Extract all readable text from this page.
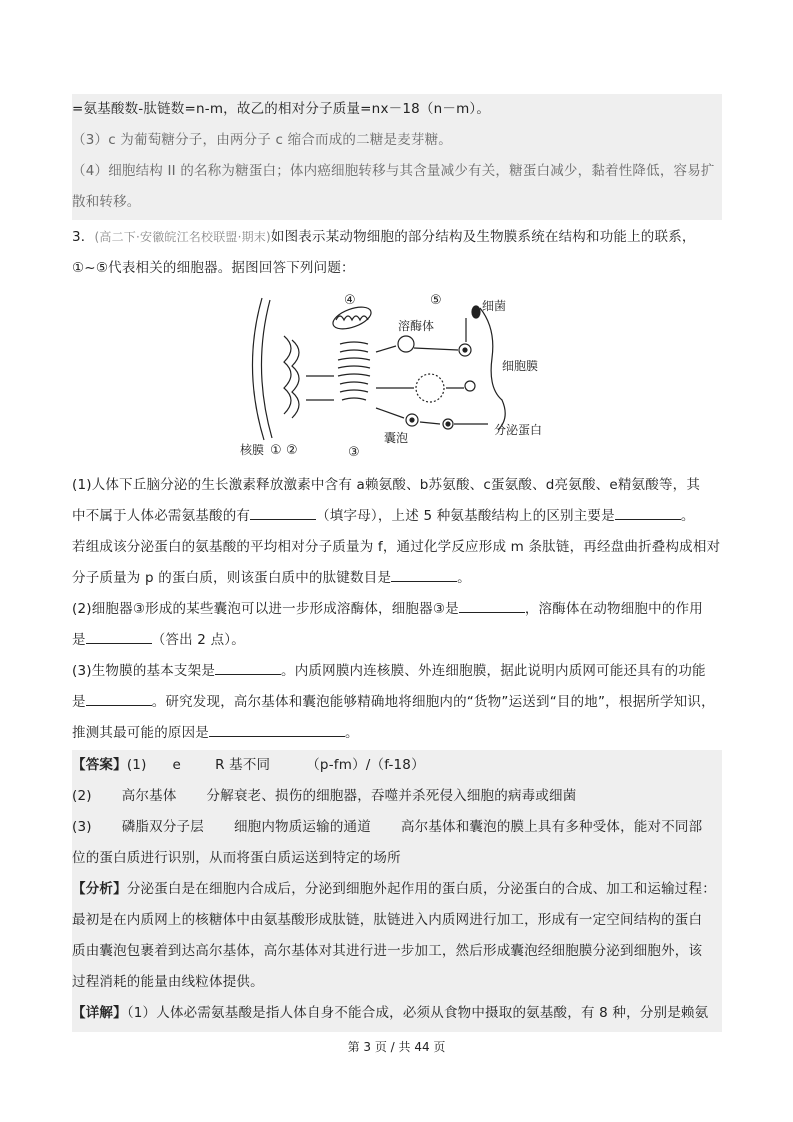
=氨基酸数-肽链数=n-m，故乙的相对分子质量=nx－18（n－m）。
（3）c 为葡萄糖分子，由两分子 c 缩合而成的二糖是麦芽糖。
（4）细胞结构 II 的名称为糖蛋白；体内癌细胞转移与其含量减少有关，糖蛋白减少，黏着性降低，容易扩
散和转移。
3．(高二下·安徽皖江名校联盟·期末)如图表示某动物细胞的部分结构及生物膜系统在结构和功能上的联系，
①~⑤代表相关的细胞器。据图回答下列问题：
④	⑤	细菌
溶酶体
细胞膜
核膜 ① ②	③
囊泡
分泌蛋白
(1)人体下丘脑分泌的生长激素释放激素中含有 a赖氨酸、b苏氨酸、c蛋氨酸、d亮氨酸、e精氨酸等，其
中不属于人体必需氨基酸的有	（填字母），上述 5 种氨基酸结构上的区别主要是	。
若组成该分泌蛋白的氨基酸的平均相对分子质量为 f，通过化学反应形成 m 条肽链，再经盘曲折叠构成相对
分子质量为 p 的蛋白质，则该蛋白质中的肽键数目是	。
(2)细胞器③形成的某些囊泡可以进一步形成溶酶体，细胞器③是	，溶酶体在动物细胞中的作用
是	（答出 2 点）。
(3)生物膜的基本支架是	。内质网膜内连核膜、外连细胞膜，据此说明内质网可能还具有的功能
是	。研究发现，高尔基体和囊泡能够精确地将细胞内的“货物”运送到“目的地”，根据所学知识，
推测其最可能的原因是	。
【答案】(1) e	R 基不同	（p-fm）/（f-18）
(2) 高尔基体 分解衰老、损伤的细胞器，吞噬并杀死侵入细胞的病毒或细菌
(3) 磷脂双分子层 细胞内物质运输的通道 高尔基体和囊泡的膜上具有多种受体，能对不同部
位的蛋白质进行识别，从而将蛋白质运送到特定的场所
【分析】分泌蛋白是在细胞内合成后，分泌到细胞外起作用的蛋白质，分泌蛋白的合成、加工和运输过程：
最初是在内质网上的核糖体中由氨基酸形成肽链，肽链进入内质网进行加工，形成有一定空间结构的蛋白
质由囊泡包裹着到达高尔基体，高尔基体对其进行进一步加工，然后形成囊泡经细胞膜分泌到细胞外，该
过程消耗的能量由线粒体提供。
【详解】（1）人体必需氨基酸是指人体自身不能合成，必须从食物中摄取的氨基酸，有 8 种，分别是赖氨
第 3 页 / 共 44 页
